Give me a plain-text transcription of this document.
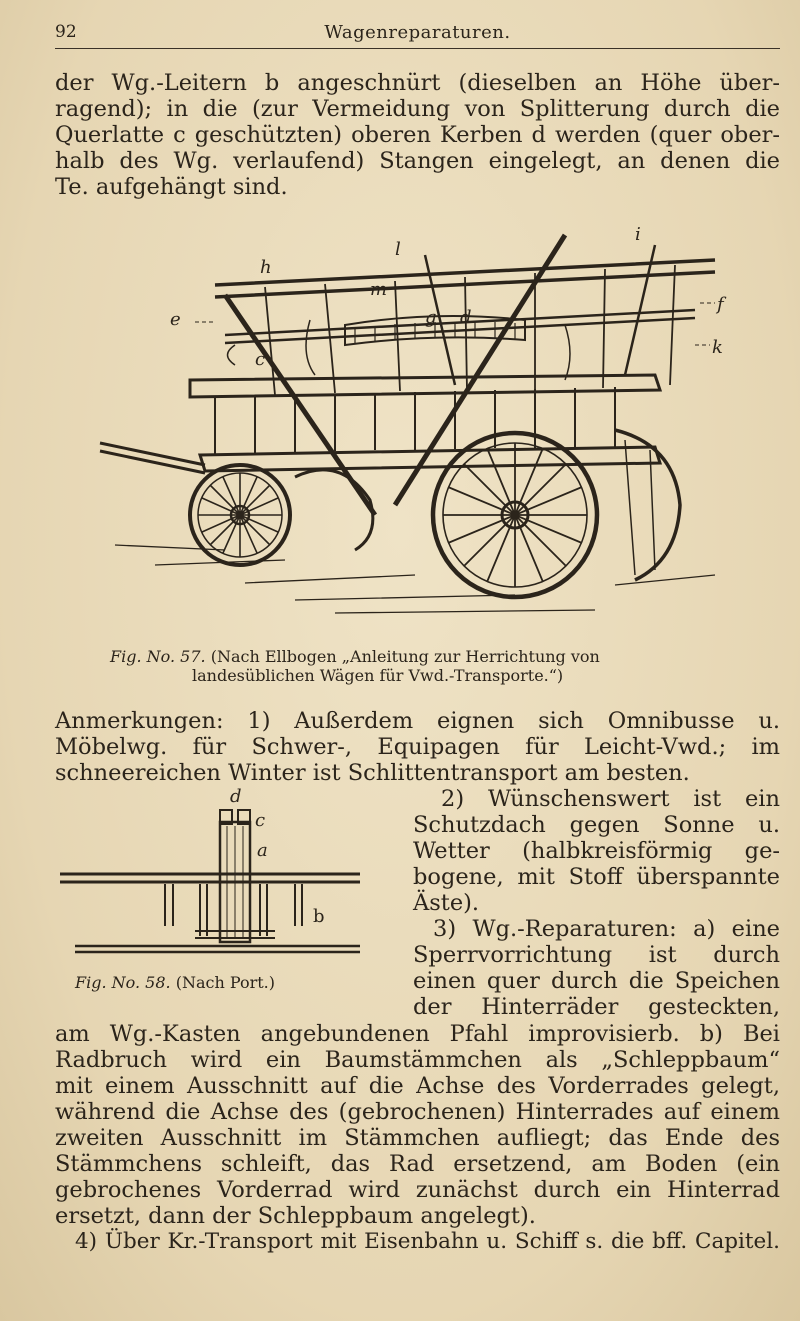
92	Wagenreparaturen.
der Wg.-Leitern b angeschnürt (dieselben an Höhe über-
ragend); in die (zur Vermeidung von Splitterung durch die
Querlatte c geschützten) oberen Kerben d werden (quer ober-
halb des Wg. verlaufend) Stangen eingelegt, an denen die
Te. aufgehängt sind.
h
l
i
e
m
g d
f
k
c
Fig. No. 57. (Nach Ellbogen „Anleitung zur Herrichtung von
landesüblichen Wägen für Vwd.-Transporte.“)
Anmerkungen: 1) Außerdem eignen sich Omnibusse u.
Möbelwg. für Schwer-, Equipagen für Leicht-Vwd.; im
schneereichen Winter ist Schlittentransport am besten.
d
c
a
b
Fig. No. 58. (Nach Port.)
2) Wünschenswert ist ein
Schutzdach gegen Sonne u.
Wetter (halbkreisförmig ge-
bogene, mit Stoff überspannte
Äste).
3) Wg.-Reparaturen: a) eine
Sperrvorrichtung ist durch
einen quer durch die Speichen
der Hinterräder gesteckten,
am Wg.-Kasten angebundenen Pfahl improvisierb. b) Bei
Radbruch wird ein Baumstämmchen als „Schleppbaum“
mit einem Ausschnitt auf die Achse des Vorderrades gelegt,
während die Achse des (gebrochenen) Hinterrades auf einem
zweiten Ausschnitt im Stämmchen aufliegt; das Ende des
Stämmchens schleift, das Rad ersetzend, am Boden (ein
gebrochenes Vorderrad wird zunächst durch ein Hinterrad
ersetzt, dann der Schleppbaum angelegt).
4) Über Kr.-Transport mit Eisenbahn u. Schiff s. die bff. Capitel.
